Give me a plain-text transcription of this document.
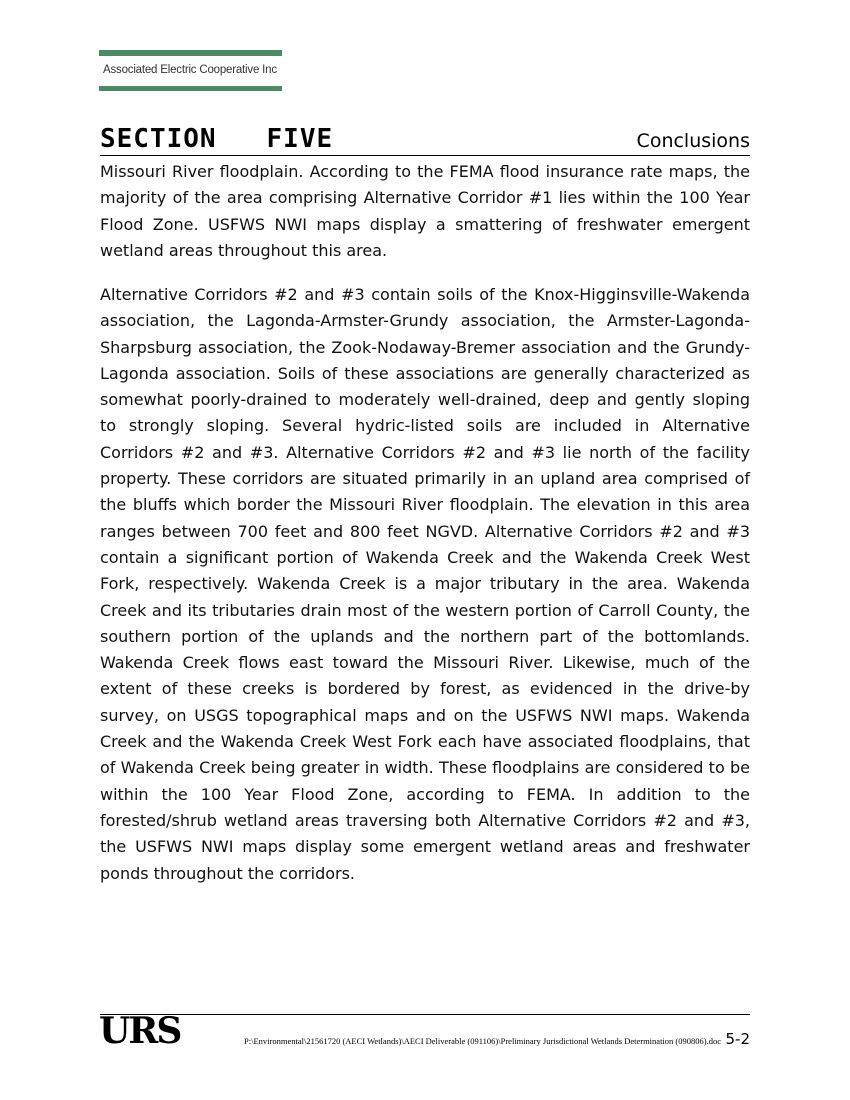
Associated Electric Cooperative Inc
SECTION   FIVE	Conclusions

Missouri River floodplain. According to the FEMA flood insurance rate maps, the majority of the area comprising Alternative Corridor #1 lies within the 100 Year Flood Zone. USFWS NWI maps display a smattering of freshwater emergent wetland areas throughout this area.

Alternative Corridors #2 and #3 contain soils of the Knox-Higginsville-Wakenda association, the Lagonda-Armster-Grundy association, the Armster-Lagonda-Sharpsburg association, the Zook-Nodaway-Bremer association and the Grundy-Lagonda association. Soils of these associations are generally characterized as somewhat poorly-drained to moderately well-drained, deep and gently sloping to strongly sloping. Several hydric-listed soils are included in Alternative Corridors #2 and #3. Alternative Corridors #2 and #3 lie north of the facility property. These corridors are situated primarily in an upland area comprised of the bluffs which border the Missouri River floodplain. The elevation in this area ranges between 700 feet and 800 feet NGVD. Alternative Corridors #2 and #3 contain a significant portion of Wakenda Creek and the Wakenda Creek West Fork, respectively. Wakenda Creek is a major tributary in the area. Wakenda Creek and its tributaries drain most of the western portion of Carroll County, the southern portion of the uplands and the northern part of the bottomlands. Wakenda Creek flows east toward the Missouri River. Likewise, much of the extent of these creeks is bordered by forest, as evidenced in the drive-by survey, on USGS topographical maps and on the USFWS NWI maps. Wakenda Creek and the Wakenda Creek West Fork each have associated floodplains, that of Wakenda Creek being greater in width. These floodplains are considered to be within the 100 Year Flood Zone, according to FEMA. In addition to the forested/shrub wetland areas traversing both Alternative Corridors #2 and #3, the USFWS NWI maps display some emergent wetland areas and freshwater ponds throughout the corridors.

URS	P:\Environmental\21561720 (AECI Wetlands)\AECI Deliverable (091106)\Preliminary Jurisdictional Wetlands Determination (090806).doc 5-2
